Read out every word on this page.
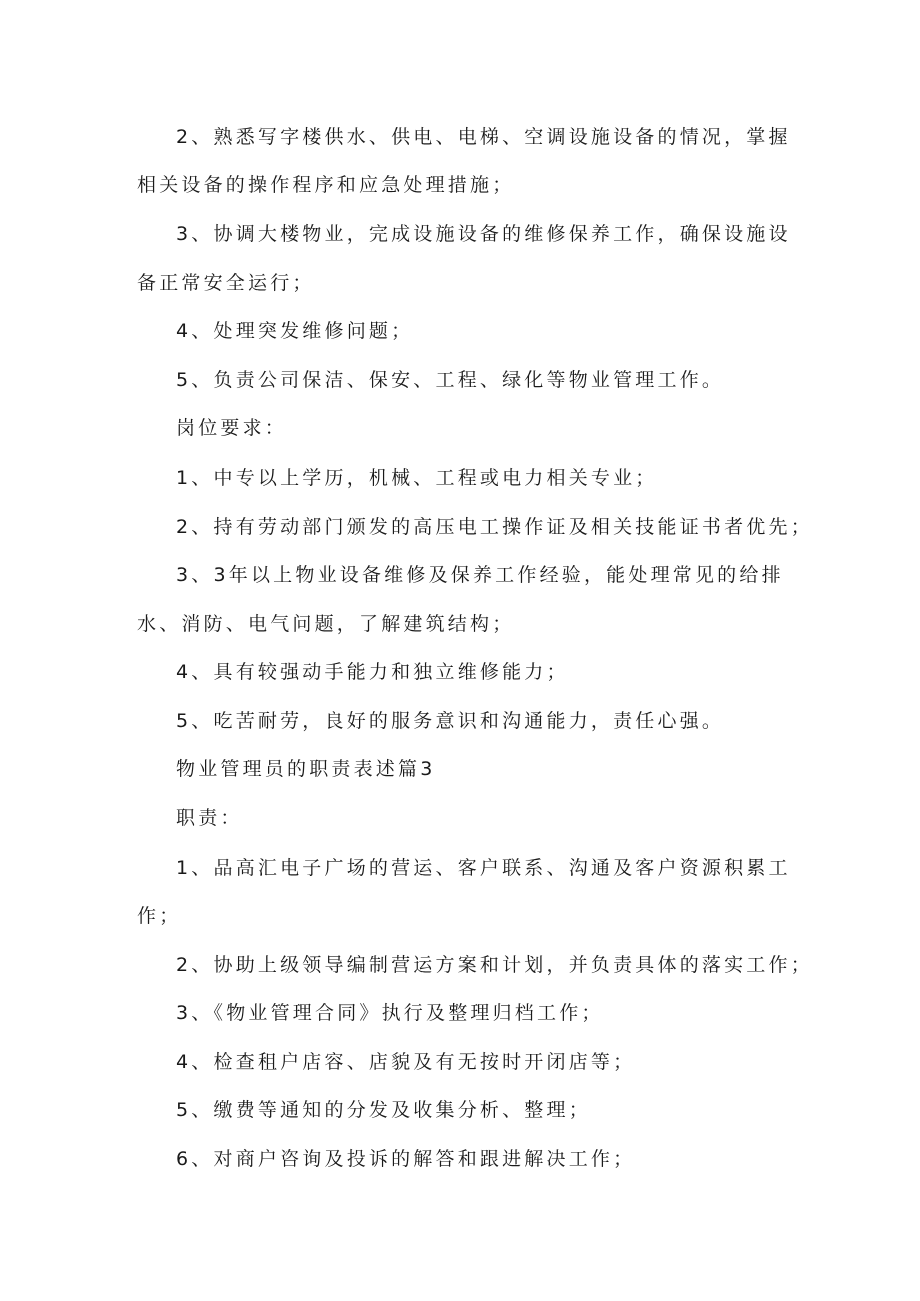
2、熟悉写字楼供水、供电、电梯、空调设施设备的情况，掌握
相关设备的操作程序和应急处理措施；
3、协调大楼物业，完成设施设备的维修保养工作，确保设施设
备正常安全运行；
4、处理突发维修问题；
5、负责公司保洁、保安、工程、绿化等物业管理工作。
岗位要求：
1、中专以上学历，机械、工程或电力相关专业；
2、持有劳动部门颁发的高压电工操作证及相关技能证书者优先；
3、3年以上物业设备维修及保养工作经验，能处理常见的给排
水、消防、电气问题，了解建筑结构；
4、具有较强动手能力和独立维修能力；
5、吃苦耐劳，良好的服务意识和沟通能力，责任心强。
物业管理员的职责表述篇3
职责：
1、品高汇电子广场的营运、客户联系、沟通及客户资源积累工
作；
2、协助上级领导编制营运方案和计划，并负责具体的落实工作；
3、《物业管理合同》执行及整理归档工作；
4、检查租户店容、店貌及有无按时开闭店等；
5、缴费等通知的分发及收集分析、整理；
6、对商户咨询及投诉的解答和跟进解决工作；
